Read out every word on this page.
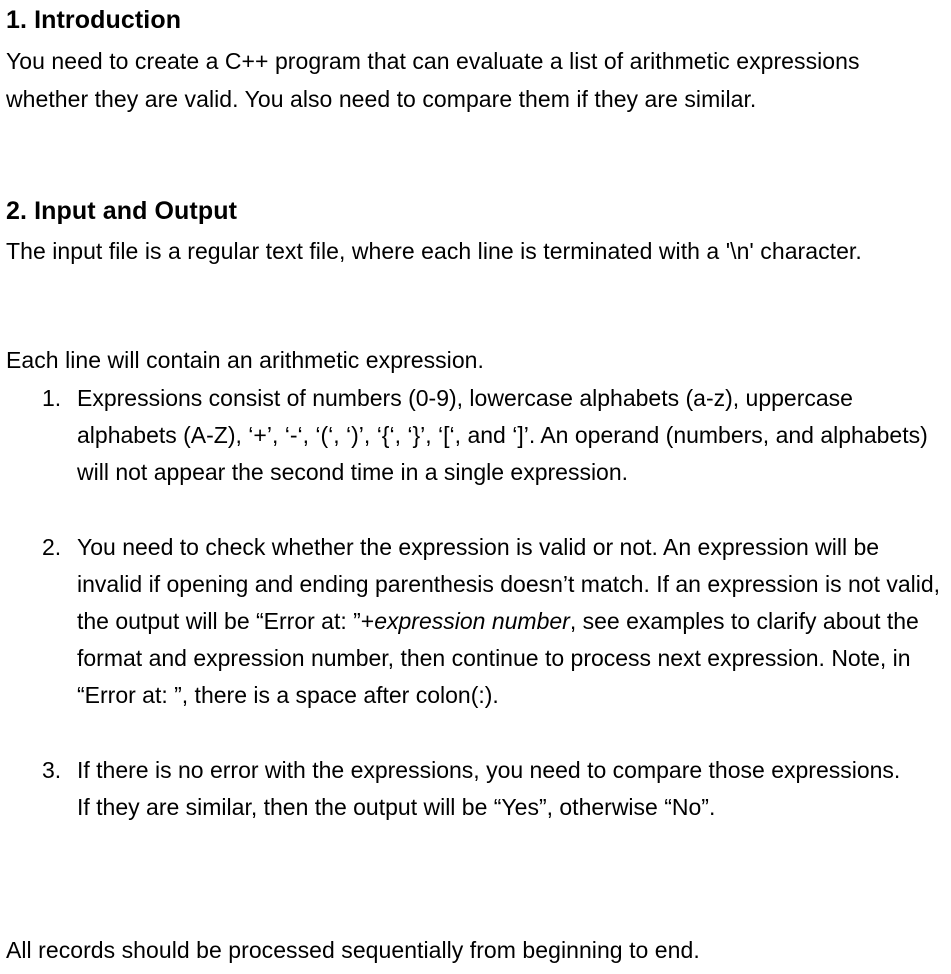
1. Introduction

You need to create a C++ program that can evaluate a list of arithmetic expressions whether they are valid. You also need to compare them if they are similar.

2. Input and Output

The input file is a regular text file, where each line is terminated with a '\n' character.

Each line will contain an arithmetic expression.

1. Expressions consist of numbers (0-9), lowercase alphabets (a-z), uppercase alphabets (A-Z), ‘+’, ‘-‘, ‘(‘, ‘)’, ‘{‘, ‘}’, ‘[‘, and ‘]’. An operand (numbers, and alphabets) will not appear the second time in a single expression.
2. You need to check whether the expression is valid or not. An expression will be invalid if opening and ending parenthesis doesn’t match. If an expression is not valid, the output will be “Error at: ”+expression number, see examples to clarify about the format and expression number, then continue to process next expression. Note, in “Error at: ”, there is a space after colon(:).
3. If there is no error with the expressions, you need to compare those expressions. If they are similar, then the output will be “Yes”, otherwise “No”.

All records should be processed sequentially from beginning to end.
